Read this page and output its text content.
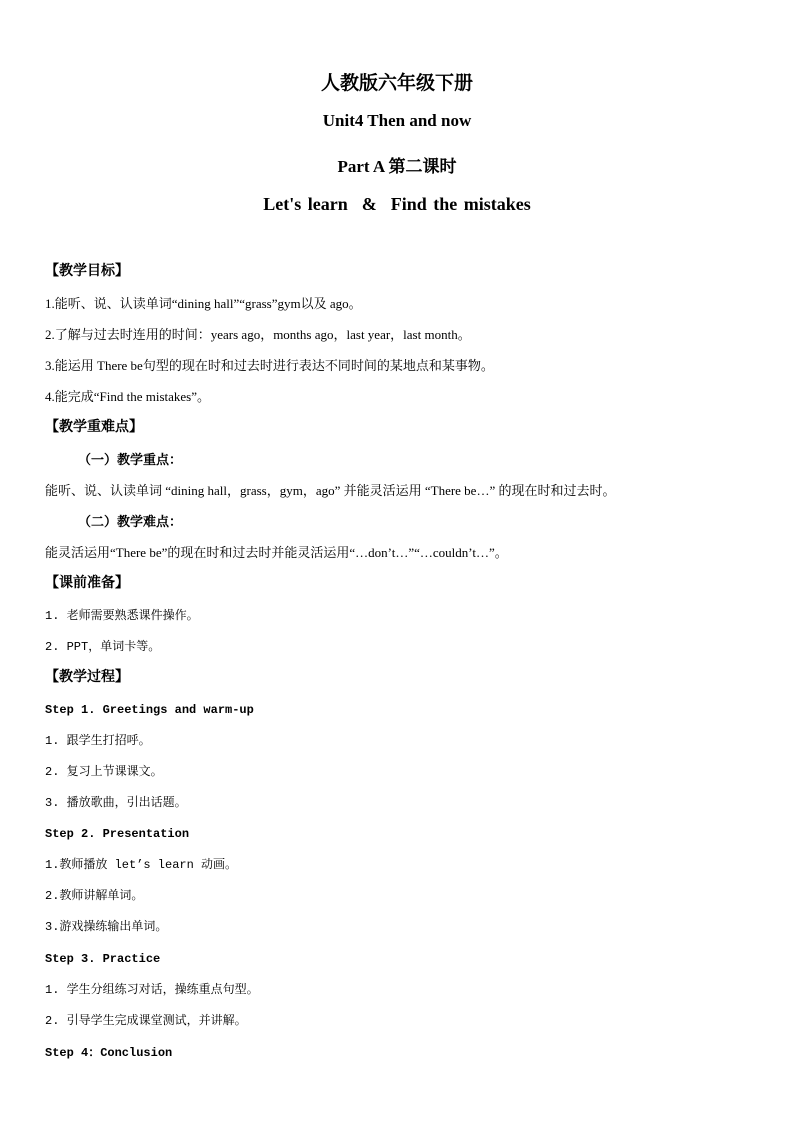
人教版六年级下册
Unit4 Then and now
Part A 第二课时
Let's learn & Find the mistakes
【教学目标】
1.能听、说、认读单词“dining hall”“grass”gym以及 ago。
2.了解与过去时连用的时间：years ago，months ago，last year，last month。
3.能运用 There be句型的现在时和过去时进行表达不同时间的某地点和某事物。
4.能完成“Find the mistakes”。
【教学重难点】
（一）教学重点：
能听、说、认读单词 “dining hall，grass，gym，ago” 并能灵活运用 “There be…” 的现在时和过去时。
（二）教学难点：
能灵活运用“There be”的现在时和过去时并能灵活运用“…don’t…”“…couldn’t…”。
【课前准备】
1. 老师需要熟悉课件操作。
2. PPT，单词卡等。
【教学过程】
Step 1. Greetings and warm-up
1. 跟学生打招呼。
2. 复习上节课课文。
3. 播放歌曲，引出话题。
Step 2. Presentation
1.教师播放 let’s learn 动画。
2.教师讲解单词。
3.游戏操练输出单词。
Step 3. Practice
1. 学生分组练习对话，操练重点句型。
2. 引导学生完成课堂测试，并讲解。
Step 4：Conclusion
